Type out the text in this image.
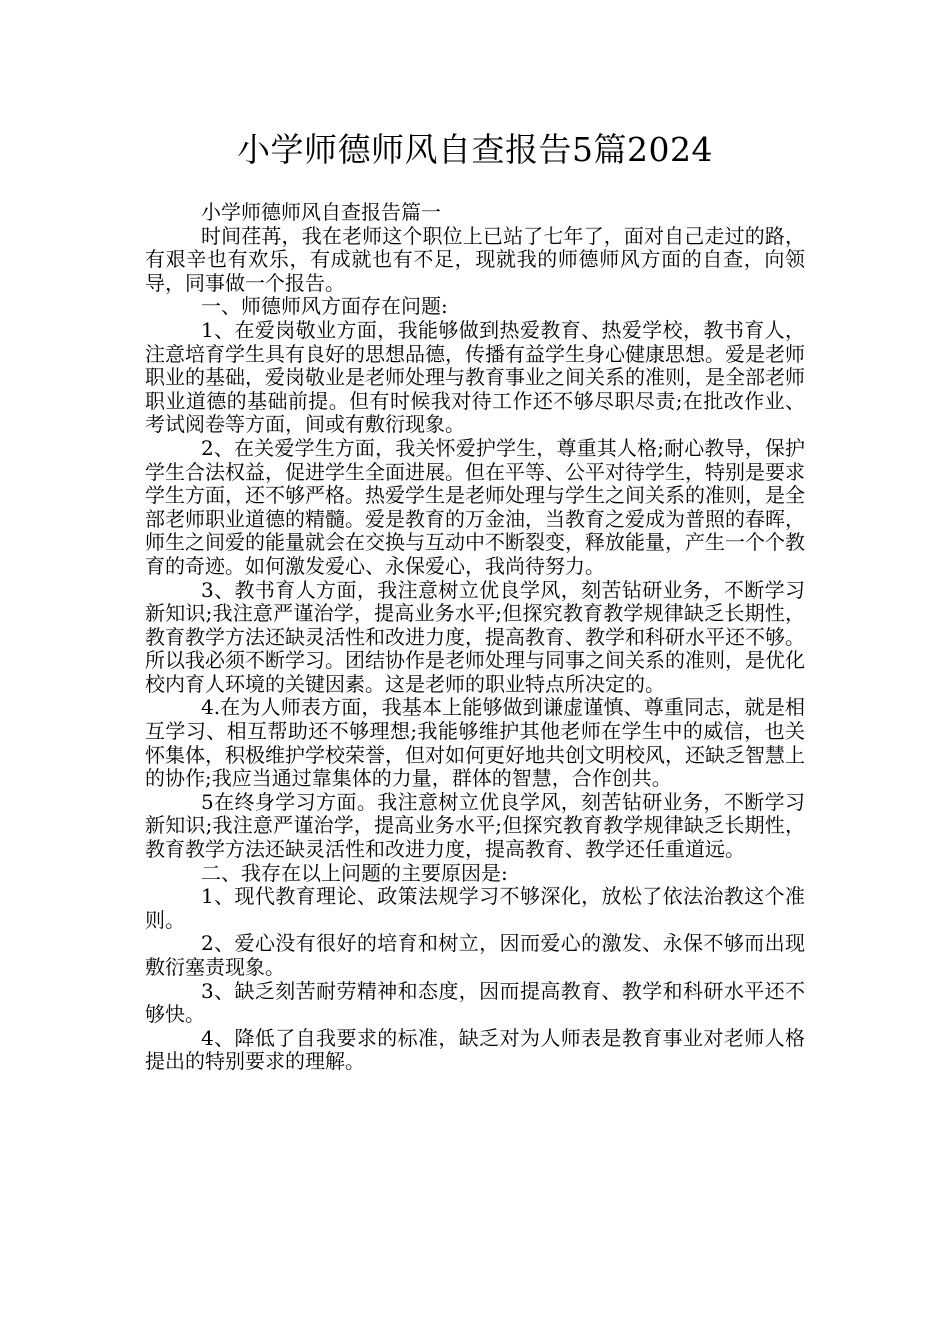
小学师德师风自查报告5篇2024

小学师德师风自查报告篇一

时间荏苒，我在老师这个职位上已站了七年了，面对自己走过的路，有艰辛也有欢乐，有成就也有不足，现就我的师德师风方面的自查，向领导，同事做一个报告。

一、师德师风方面存在问题:

1、在爱岗敬业方面，我能够做到热爱教育、热爱学校，教书育人，注意培育学生具有良好的思想品德，传播有益学生身心健康思想。爱是老师职业的基础，爱岗敬业是老师处理与教育事业之间关系的准则，是全部老师职业道德的基础前提。但有时候我对待工作还不够尽职尽责;在批改作业、考试阅卷等方面，间或有敷衍现象。

2、在关爱学生方面，我关怀爱护学生，尊重其人格;耐心教导，保护学生合法权益，促进学生全面进展。但在平等、公平对待学生，特别是要求学生方面，还不够严格。热爱学生是老师处理与学生之间关系的准则，是全部老师职业道德的精髓。爱是教育的万金油，当教育之爱成为普照的春晖，师生之间爱的能量就会在交换与互动中不断裂变，释放能量，产生一个个教育的奇迹。如何激发爱心、永保爱心，我尚待努力。

3、教书育人方面，我注意树立优良学风，刻苦钻研业务，不断学习新知识;我注意严谨治学，提高业务水平;但探究教育教学规律缺乏长期性，教育教学方法还缺灵活性和改进力度，提高教育、教学和科研水平还不够。所以我必须不断学习。团结协作是老师处理与同事之间关系的准则，是优化校内育人环境的关键因素。这是老师的职业特点所决定的。

4.在为人师表方面，我基本上能够做到谦虚谨慎、尊重同志，就是相互学习、相互帮助还不够理想;我能够维护其他老师在学生中的威信，也关怀集体，积极维护学校荣誉，但对如何更好地共创文明校风，还缺乏智慧上的协作;我应当通过靠集体的力量，群体的智慧，合作创共。

5在终身学习方面。我注意树立优良学风，刻苦钻研业务，不断学习新知识;我注意严谨治学，提高业务水平;但探究教育教学规律缺乏长期性，教育教学方法还缺灵活性和改进力度，提高教育、教学还任重道远。

二、我存在以上问题的主要原因是:

1、现代教育理论、政策法规学习不够深化，放松了依法治教这个准则。

2、爱心没有很好的培育和树立，因而爱心的激发、永保不够而出现敷衍塞责现象。

3、缺乏刻苦耐劳精神和态度，因而提高教育、教学和科研水平还不够快。

4、降低了自我要求的标准，缺乏对为人师表是教育事业对老师人格提出的特别要求的理解。
